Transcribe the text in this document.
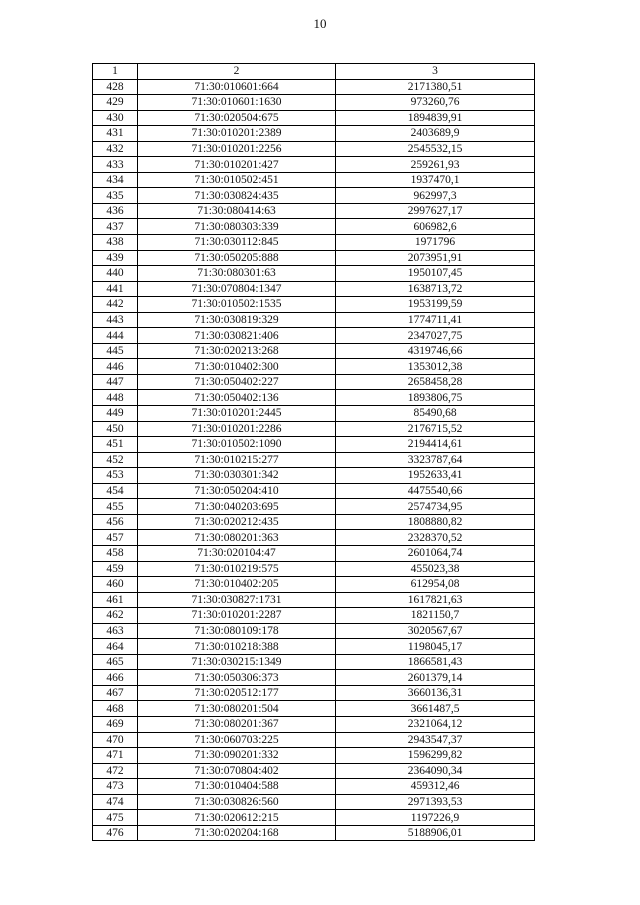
10
1	2	3
428	71:30:010601:664	2171380,51
429	71:30:010601:1630	973260,76
430	71:30:020504:675	1894839,91
431	71:30:010201:2389	2403689,9
432	71:30:010201:2256	2545532,15
433	71:30:010201:427	259261,93
434	71:30:010502:451	1937470,1
435	71:30:030824:435	962997,3
436	71:30:080414:63	2997627,17
437	71:30:080303:339	606982,6
438	71:30:030112:845	1971796
439	71:30:050205:888	2073951,91
440	71:30:080301:63	1950107,45
441	71:30:070804:1347	1638713,72
442	71:30:010502:1535	1953199,59
443	71:30:030819:329	1774711,41
444	71:30:030821:406	2347027,75
445	71:30:020213:268	4319746,66
446	71:30:010402:300	1353012,38
447	71:30:050402:227	2658458,28
448	71:30:050402:136	1893806,75
449	71:30:010201:2445	85490,68
450	71:30:010201:2286	2176715,52
451	71:30:010502:1090	2194414,61
452	71:30:010215:277	3323787,64
453	71:30:030301:342	1952633,41
454	71:30:050204:410	4475540,66
455	71:30:040203:695	2574734,95
456	71:30:020212:435	1808880,82
457	71:30:080201:363	2328370,52
458	71:30:020104:47	2601064,74
459	71:30:010219:575	455023,38
460	71:30:010402:205	612954,08
461	71:30:030827:1731	1617821,63
462	71:30:010201:2287	1821150,7
463	71:30:080109:178	3020567,67
464	71:30:010218:388	1198045,17
465	71:30:030215:1349	1866581,43
466	71:30:050306:373	2601379,14
467	71:30:020512:177	3660136,31
468	71:30:080201:504	3661487,5
469	71:30:080201:367	2321064,12
470	71:30:060703:225	2943547,37
471	71:30:090201:332	1596299,82
472	71:30:070804:402	2364090,34
473	71:30:010404:588	459312,46
474	71:30:030826:560	2971393,53
475	71:30:020612:215	1197226,9
476	71:30:020204:168	5188906,01
